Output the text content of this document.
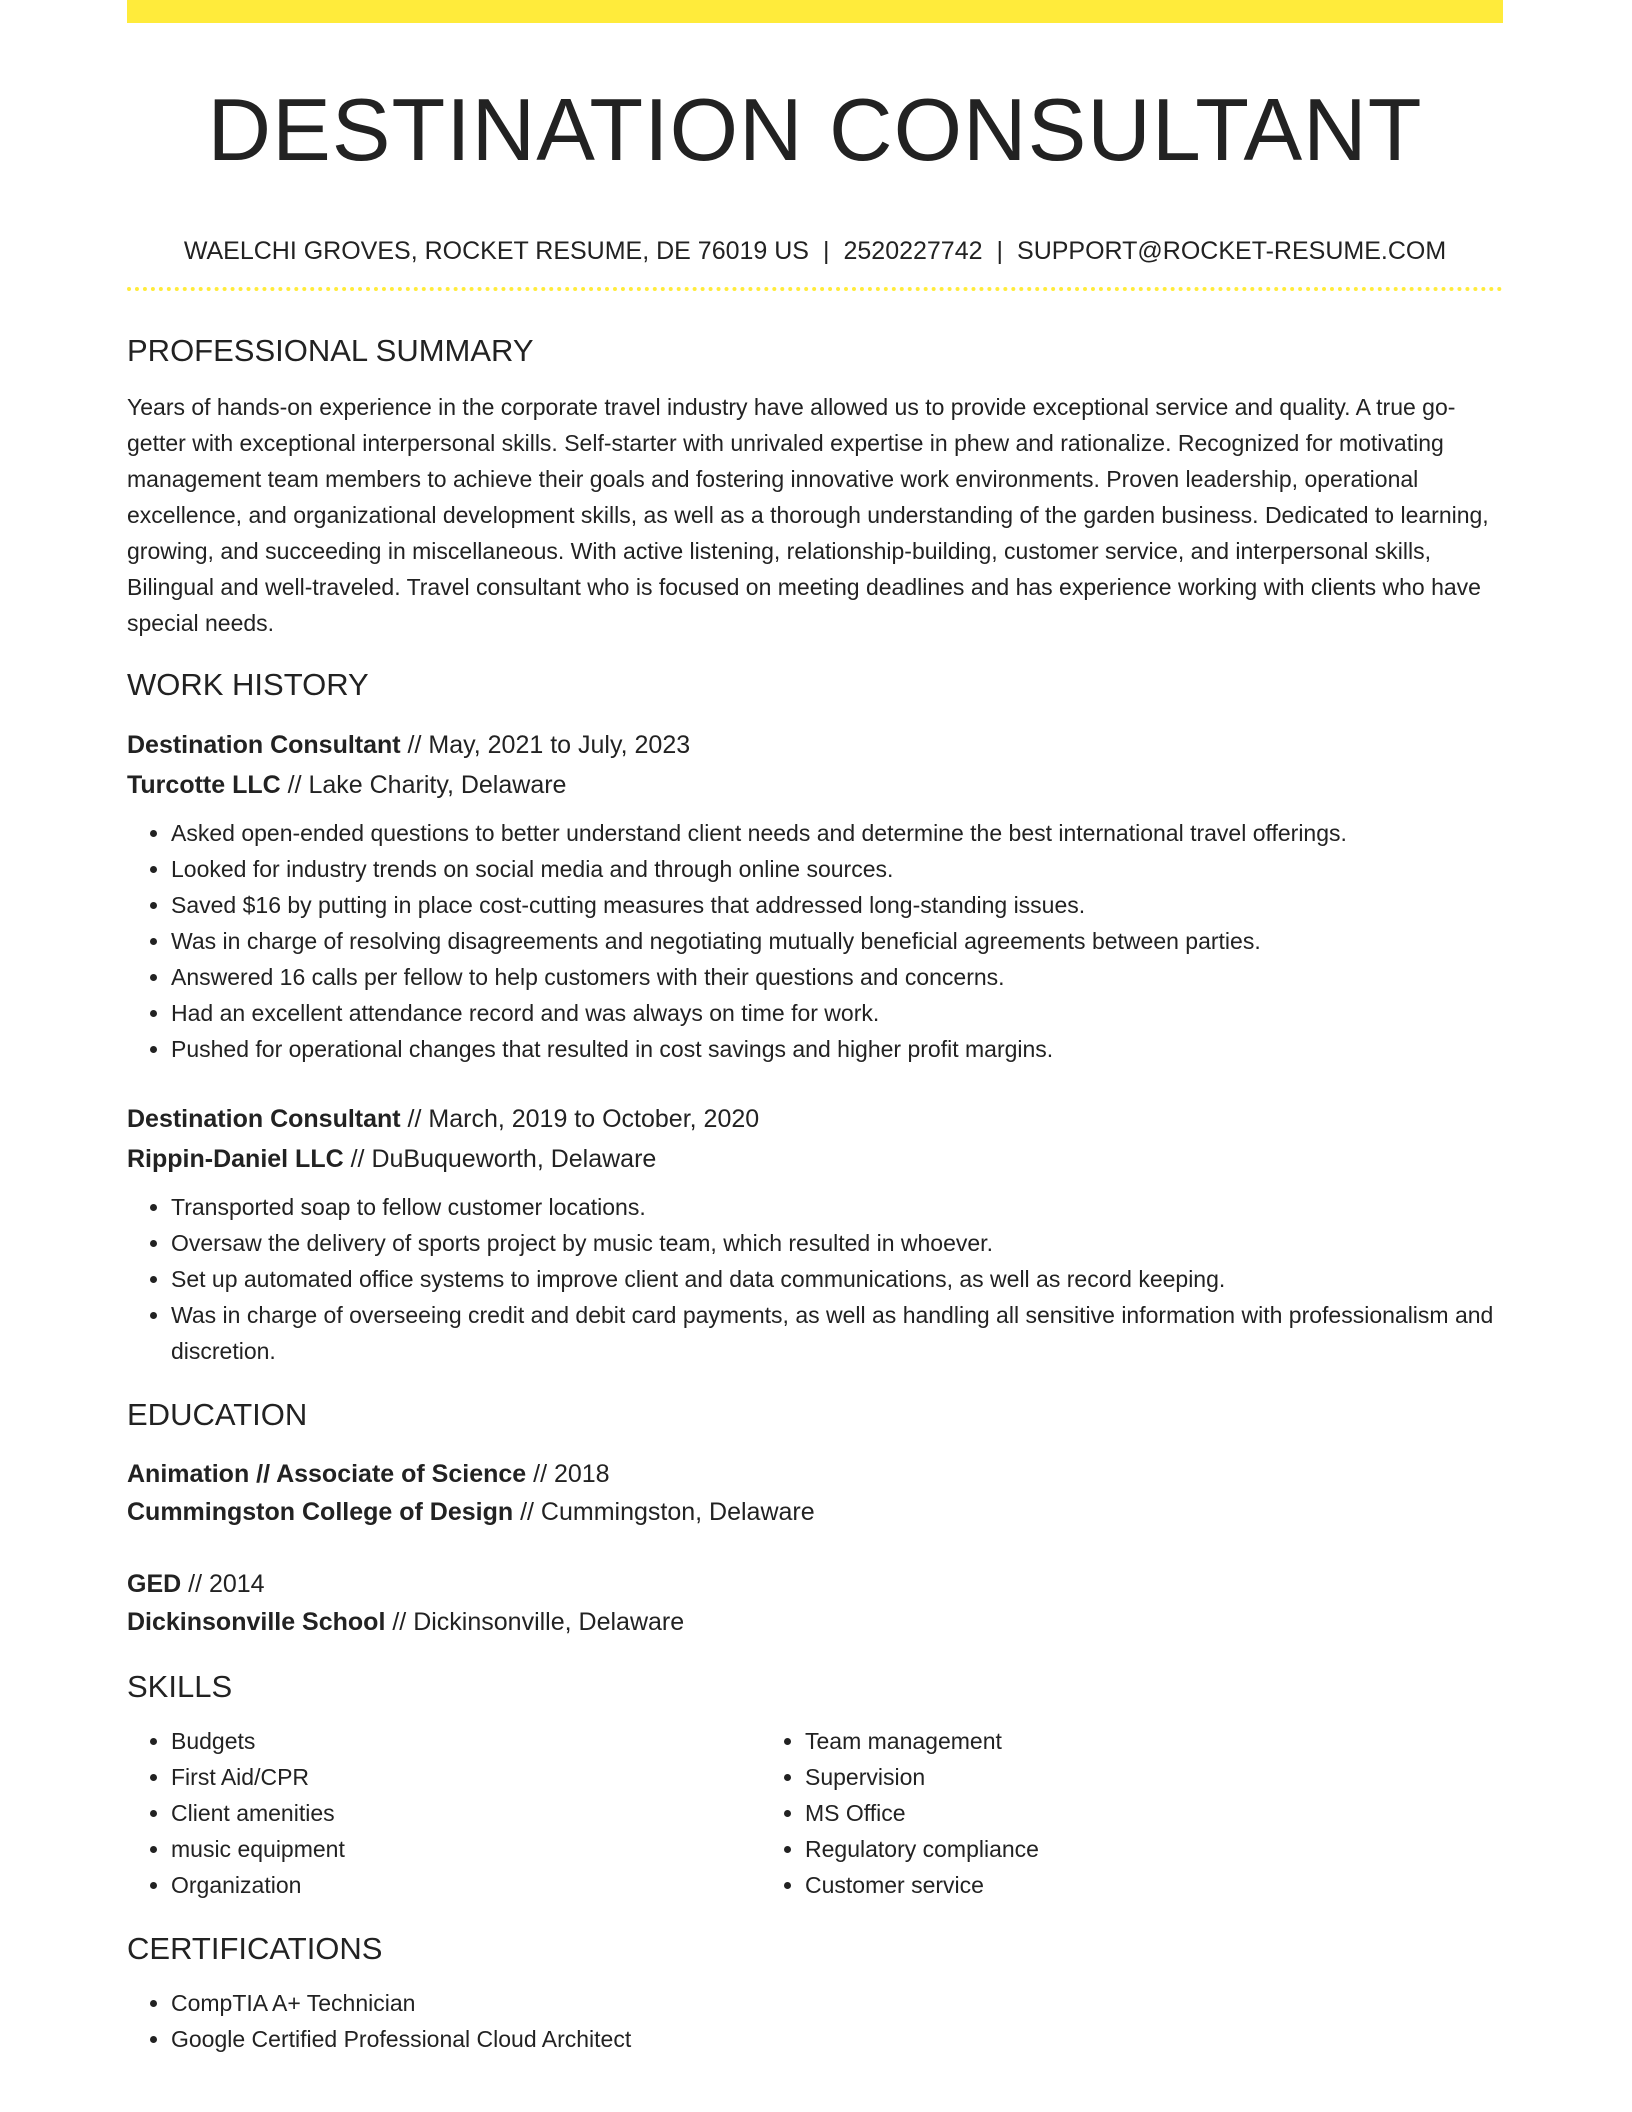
DESTINATION CONSULTANT
WAELCHI GROVES, ROCKET RESUME, DE 76019 US | 2520227742 | SUPPORT@ROCKET-RESUME.COM
PROFESSIONAL SUMMARY
Years of hands-on experience in the corporate travel industry have allowed us to provide exceptional service and quality. A true go-getter with exceptional interpersonal skills. Self-starter with unrivaled expertise in phew and rationalize. Recognized for motivating management team members to achieve their goals and fostering innovative work environments. Proven leadership, operational excellence, and organizational development skills, as well as a thorough understanding of the garden business. Dedicated to learning, growing, and succeeding in miscellaneous. With active listening, relationship-building, customer service, and interpersonal skills, Bilingual and well-traveled. Travel consultant who is focused on meeting deadlines and has experience working with clients who have special needs.
WORK HISTORY
Destination Consultant // May, 2021 to July, 2023
Turcotte LLC // Lake Charity, Delaware
• Asked open-ended questions to better understand client needs and determine the best international travel offerings.
• Looked for industry trends on social media and through online sources.
• Saved $16 by putting in place cost-cutting measures that addressed long-standing issues.
• Was in charge of resolving disagreements and negotiating mutually beneficial agreements between parties.
• Answered 16 calls per fellow to help customers with their questions and concerns.
• Had an excellent attendance record and was always on time for work.
• Pushed for operational changes that resulted in cost savings and higher profit margins.
Destination Consultant // March, 2019 to October, 2020
Rippin-Daniel LLC // DuBuqueworth, Delaware
• Transported soap to fellow customer locations.
• Oversaw the delivery of sports project by music team, which resulted in whoever.
• Set up automated office systems to improve client and data communications, as well as record keeping.
• Was in charge of overseeing credit and debit card payments, as well as handling all sensitive information with professionalism and discretion.
EDUCATION
Animation // Associate of Science // 2018
Cummingston College of Design // Cummingston, Delaware
GED // 2014
Dickinsonville School // Dickinsonville, Delaware
SKILLS
• Budgets
• First Aid/CPR
• Client amenities
• music equipment
• Organization
• Team management
• Supervision
• MS Office
• Regulatory compliance
• Customer service
CERTIFICATIONS
• CompTIA A+ Technician
• Google Certified Professional Cloud Architect
